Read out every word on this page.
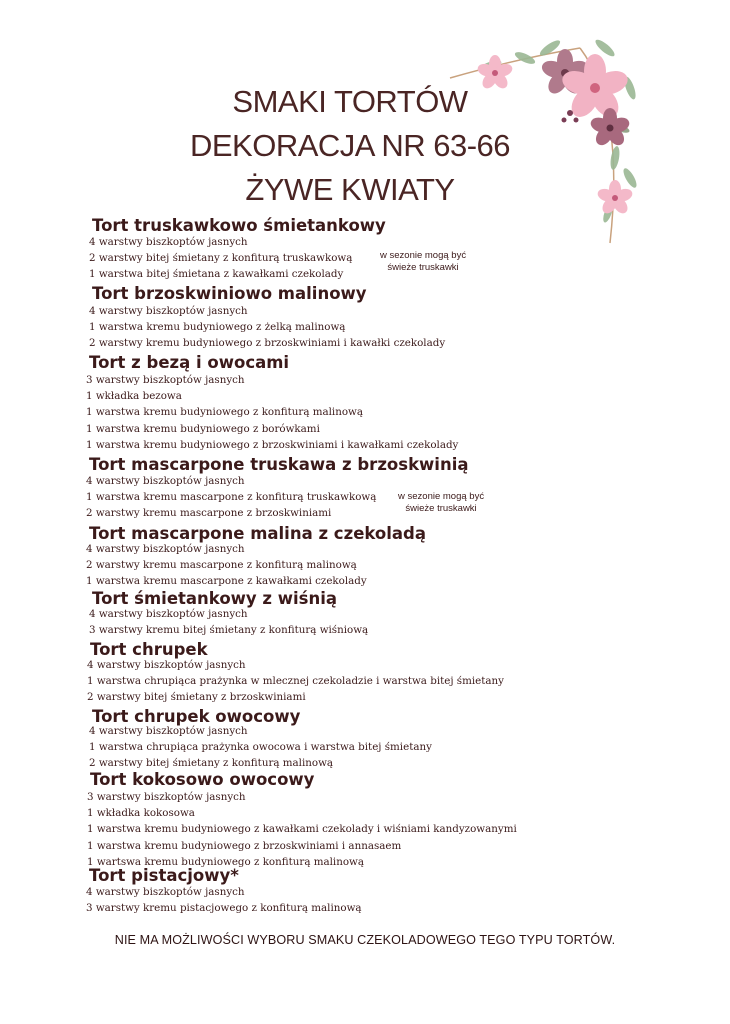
SMAKI TORTÓW
DEKORACJA NR 63-66
ŻYWE KWIATY
Tort truskawkowo śmietankowy
4 warstwy biszkoptów jasnych
2 warstwy bitej śmietany z konfiturą truskawkową
1 warstwa bitej śmietana z kawałkami czekolady
w sezonie mogą być
świeże truskawki
Tort brzoskwiniowo malinowy
4 warstwy biszkoptów jasnych
1 warstwa kremu budyniowego z żelką malinową
2 warstwy kremu budyniowego z brzoskwiniami i kawałki czekolady
Tort z bezą i owocami
3 warstwy biszkoptów jasnych
1 wkładka bezowa
1 warstwa kremu budyniowego z konfiturą malinową
1 warstwa kremu budyniowego z borówkami
1 warstwa kremu budyniowego z brzoskwiniami i kawałkami czekolady
Tort mascarpone truskawa z brzoskwinią
4 warstwy biszkoptów jasnych
1 warstwa kremu mascarpone z konfiturą truskawkową
2 warstwy kremu mascarpone z brzoskwiniami
w sezonie mogą być
świeże truskawki
Tort mascarpone malina z czekoladą
4 warstwy biszkoptów jasnych
2 warstwy kremu mascarpone z konfiturą malinową
1 warstwa kremu mascarpone z kawałkami czekolady
Tort śmietankowy z wiśnią
4 warstwy biszkoptów jasnych
3 warstwy kremu bitej śmietany z konfiturą wiśniową
Tort chrupek
4 warstwy biszkoptów jasnych
1 warstwa chrupiąca prażynka w mlecznej czekoladzie i warstwa bitej śmietany
2 warstwy bitej śmietany z brzoskwiniami
Tort chrupek owocowy
4 warstwy biszkoptów jasnych
1 warstwa chrupiąca prażynka owocowa i warstwa bitej śmietany
2 warstwy bitej śmietany z konfiturą malinową
Tort kokosowo owocowy
3 warstwy biszkoptów jasnych
1 wkładka kokosowa
1 warstwa kremu budyniowego z kawałkami czekolady i wiśniami kandyzowanymi
1 warstwa kremu budyniowego z brzoskwiniami i annasaem
1 wartswa kremu budyniowego z konfiturą malinową
Tort pistacjowy*
4 warstwy biszkoptów jasnych
3 warstwy kremu pistacjowego z konfiturą malinową
NIE MA MOŻLIWOŚCI WYBORU SMAKU CZEKOLADOWEGO TEGO TYPU TORTÓW.
